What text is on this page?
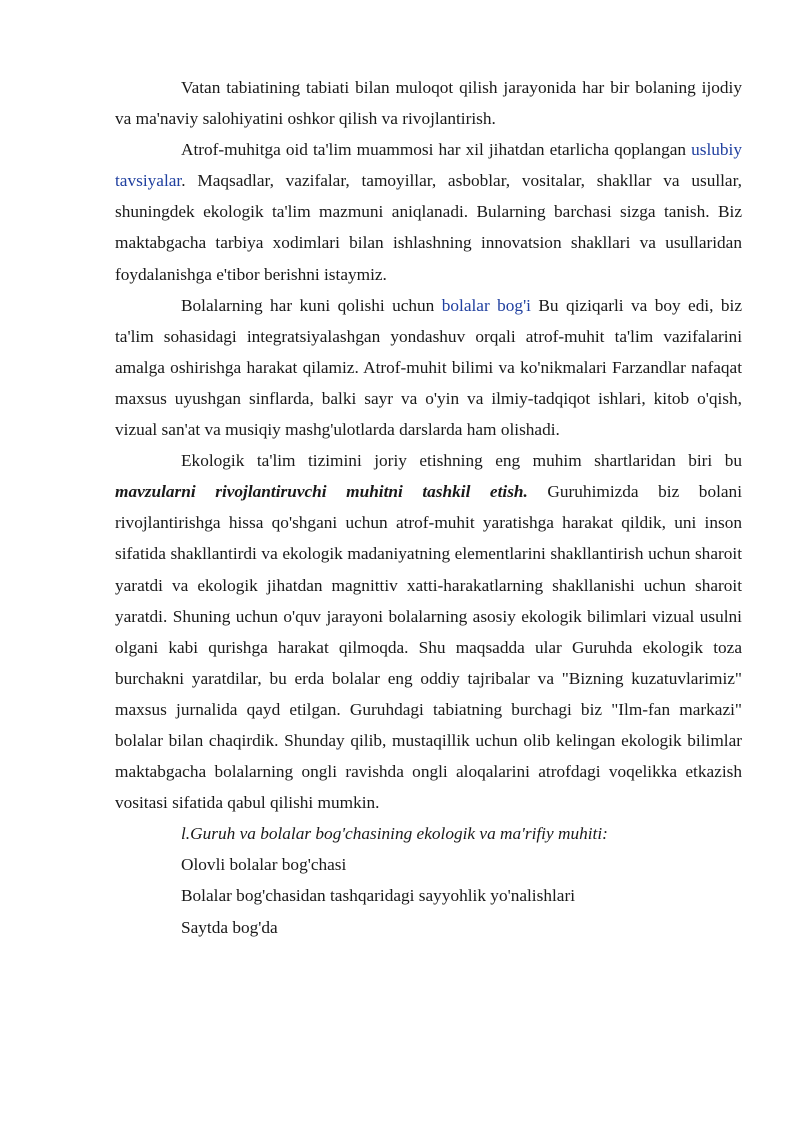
Vatan tabiatining tabiati bilan muloqot qilish jarayonida har bir bolaning ijodiy va ma'naviy salohiyatini oshkor qilish va rivojlantirish.

Atrof-muhitga oid ta'lim muammosi har xil jihatdan etarlicha qoplangan uslubiy tavsiyalar. Maqsadlar, vazifalar, tamoyillar, asboblar, vositalar, shakllar va usullar, shuningdek ekologik ta'lim mazmuni aniqlanadi. Bularning barchasi sizga tanish. Biz maktabgacha tarbiya xodimlari bilan ishlashning innovatsion shakllari va usullaridan foydalanishga e'tibor berishni istaymiz.

Bolalarning har kuni qolishi uchun bolalar bog'i Bu qiziqarli va boy edi, biz ta'lim sohasidagi integratsiyalashgan yondashuv orqali atrof-muhit ta'lim vazifalarini amalga oshirishga harakat qilamiz. Atrof-muhit bilimi va ko'nikmalari Farzandlar nafaqat maxsus uyushgan sinflarda, balki sayr va o'yin va ilmiy-tadqiqot ishlari, kitob o'qish, vizual san'at va musiqiy mashg'ulotlarda darslarda ham olishadi.

Ekologik ta'lim tizimini joriy etishning eng muhim shartlaridan biri bu mavzularni rivojlantiruvchi muhitni tashkil etish. Guruhimizda biz bolani rivojlantirishga hissa qo'shgani uchun atrof-muhit yaratishga harakat qildik, uni inson sifatida shakllantirdi va ekologik madaniyatning elementlarini shakllantirish uchun sharoit yaratdi va ekologik jihatdan magnittiv xatti-harakatlarning shakllanishi uchun sharoit yaratdi. Shuning uchun o'quv jarayoni bolalarning asosiy ekologik bilimlari vizual usulni olgani kabi qurishga harakat qilmoqda. Shu maqsadda ular Guruhda ekologik toza burchakni yaratdilar, bu erda bolalar eng oddiy tajribalar va "Bizning kuzatuvlarimiz" maxsus jurnalida qayd etilgan. Guruhdagi tabiatning burchagi biz "Ilm-fan markazi" bolalar bilan chaqirdik. Shunday qilib, mustaqillik uchun olib kelingan ekologik bilimlar maktabgacha bolalarning ongli ravishda ongli aloqalarini atrofdagi voqelikka etkazish vositasi sifatida qabul qilishi mumkin.

l.Guruh va bolalar bog'chasining ekologik va ma'rifiy muhiti:

Olovli bolalar bog'chasi

Bolalar bog'chasidan tashqaridagi sayyohlik yo'nalishlari

Saytda bog'da
